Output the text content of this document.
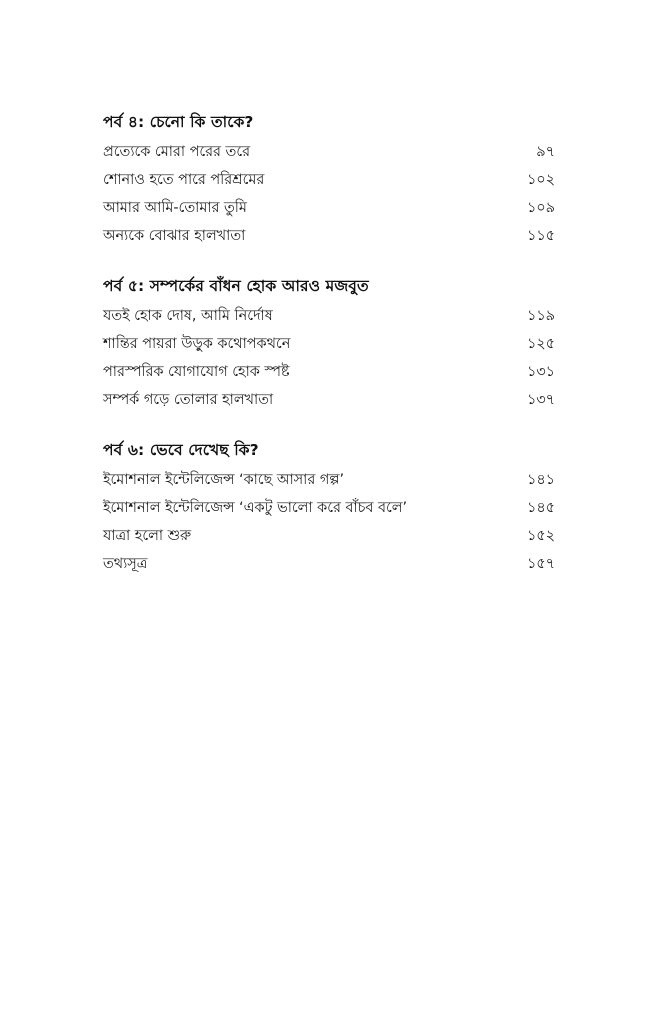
পর্ব ৪: চেনো কি তাকে?
প্রত্যেকে মোরা পরের তরে	৯৭
শোনাও হতে পারে পরিশ্রমের	১০২
আমার আমি-তোমার তুমি	১০৯
অন্যকে বোঝার হালখাতা	১১৫
পর্ব ৫: সম্পর্কের বাঁধন হোক আরও মজবুত
যতই হোক দোষ, আমি নির্দোষ	১১৯
শান্তির পায়রা উড়ুক কথোপকথনে	১২৫
পারস্পরিক যোগাযোগ হোক স্পষ্ট	১৩১
সম্পর্ক গড়ে তোলার হালখাতা	১৩৭
পর্ব ৬: ভেবে দেখেছ কি?
ইমোশনাল ইন্টেলিজেন্স ‘কাছে আসার গল্প’	১৪১
ইমোশনাল ইন্টেলিজেন্স ‘একটু ভালো করে বাঁচব বলে’	১৪৫
যাত্রা হলো শুরু	১৫২
তথ্যসূত্র	১৫৭
